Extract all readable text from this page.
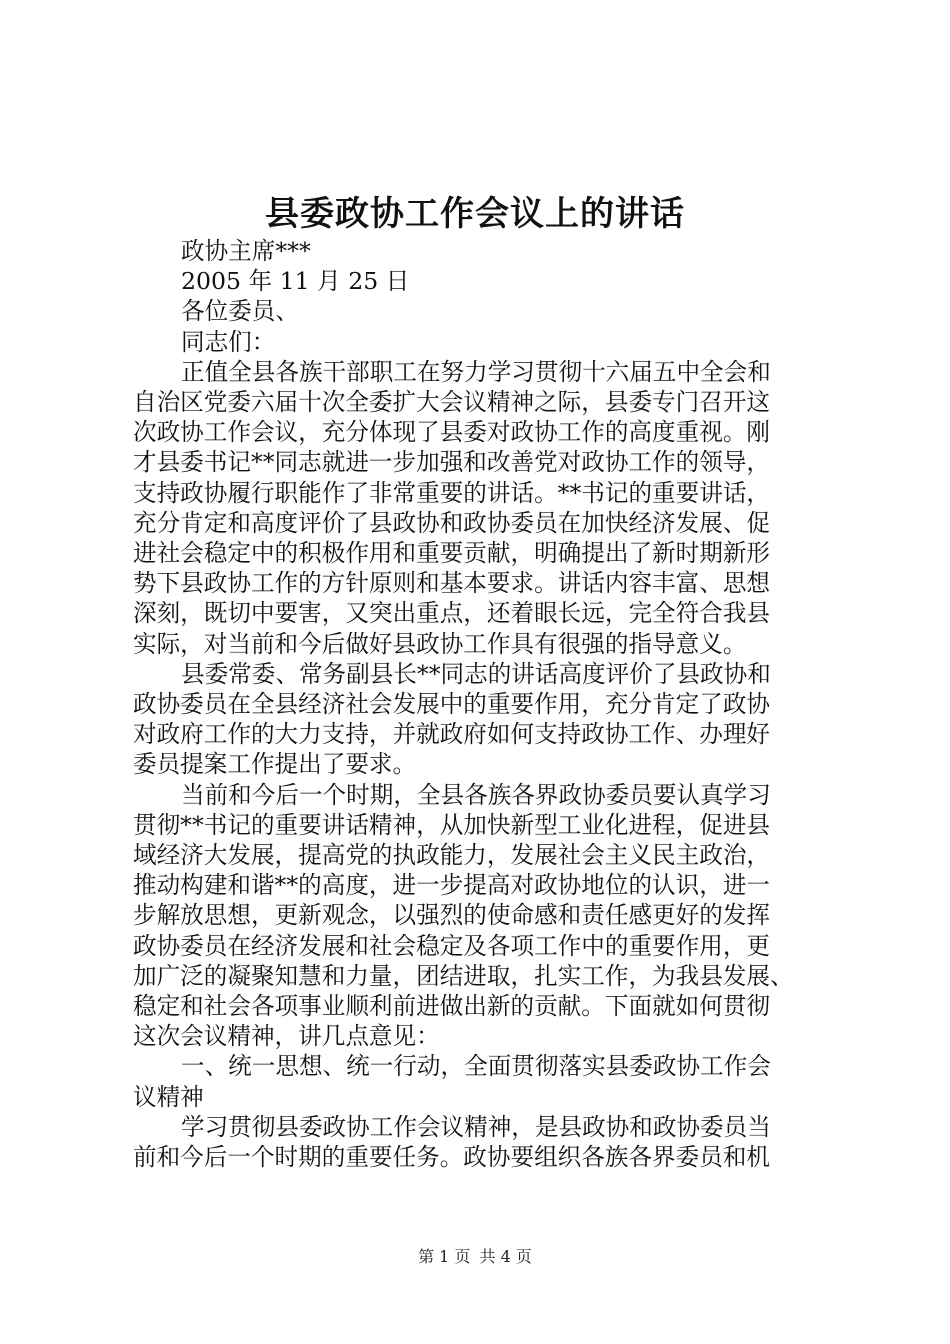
县委政协工作会议上的讲话

政协主席***

2005 年 11 月 25 日

各位委员、

同志们：

正值全县各族干部职工在努力学习贯彻十六届五中全会和

自治区党委六届十次全委扩大会议精神之际，县委专门召开这

次政协工作会议，充分体现了县委对政协工作的高度重视。刚

才县委书记**同志就进一步加强和改善党对政协工作的领导，

支持政协履行职能作了非常重要的讲话。**书记的重要讲话，

充分肯定和高度评价了县政协和政协委员在加快经济发展、促

进社会稳定中的积极作用和重要贡献，明确提出了新时期新形

势下县政协工作的方针原则和基本要求。讲话内容丰富、思想

深刻，既切中要害，又突出重点，还着眼长远，完全符合我县

实际，对当前和今后做好县政协工作具有很强的指导意义。

县委常委、常务副县长**同志的讲话高度评价了县政协和

政协委员在全县经济社会发展中的重要作用，充分肯定了政协

对政府工作的大力支持，并就政府如何支持政协工作、办理好

委员提案工作提出了要求。

当前和今后一个时期，全县各族各界政协委员要认真学习

贯彻**书记的重要讲话精神，从加快新型工业化进程，促进县

域经济大发展，提高党的执政能力，发展社会主义民主政治，

推动构建和谐**的高度，进一步提高对政协地位的认识，进一

步解放思想，更新观念，以强烈的使命感和责任感更好的发挥

政协委员在经济发展和社会稳定及各项工作中的重要作用，更

加广泛的凝聚知慧和力量，团结进取，扎实工作，为我县发展、

稳定和社会各项事业顺利前进做出新的贡献。下面就如何贯彻

这次会议精神，讲几点意见：

一、统一思想、统一行动，全面贯彻落实县委政协工作会

议精神

学习贯彻县委政协工作会议精神，是县政协和政协委员当

前和今后一个时期的重要任务。政协要组织各族各界委员和机

第 1 页 共 4 页
